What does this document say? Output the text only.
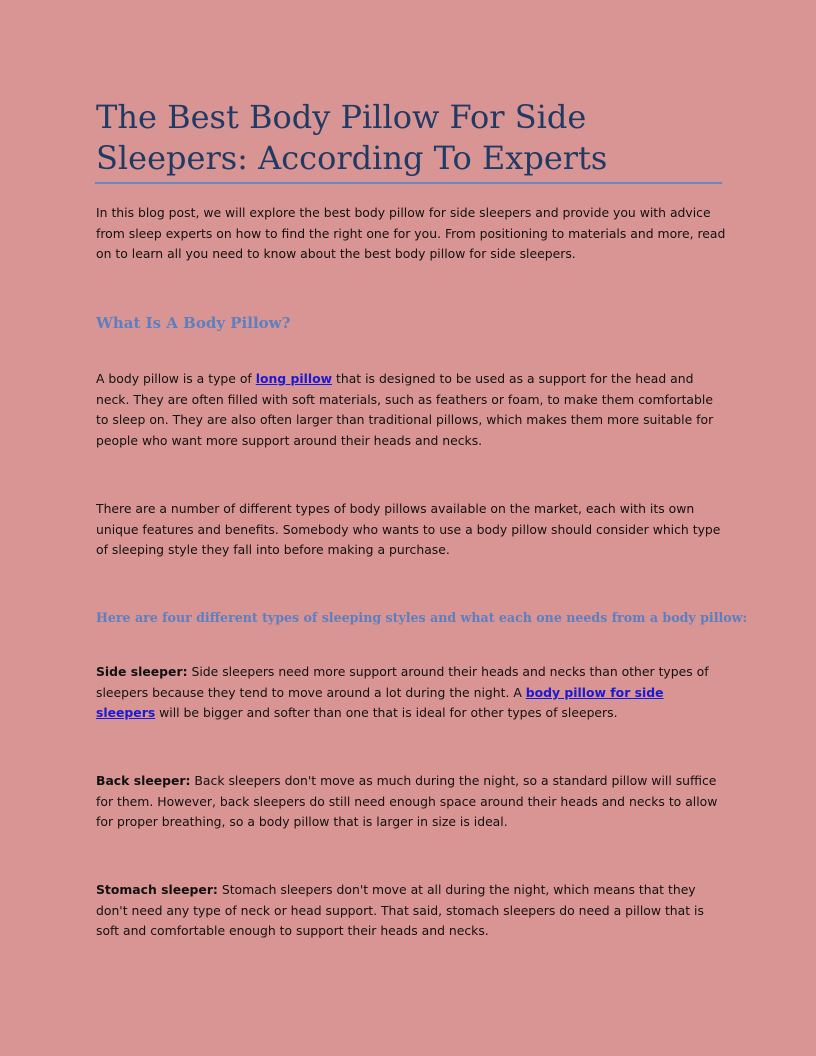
The Best Body Pillow For Side Sleepers: According To Experts

In this blog post, we will explore the best body pillow for side sleepers and provide you with advice from sleep experts on how to find the right one for you. From positioning to materials and more, read on to learn all you need to know about the best body pillow for side sleepers.

What Is A Body Pillow?

A body pillow is a type of long pillow that is designed to be used as a support for the head and neck. They are often filled with soft materials, such as feathers or foam, to make them comfortable to sleep on. They are also often larger than traditional pillows, which makes them more suitable for people who want more support around their heads and necks.

There are a number of different types of body pillows available on the market, each with its own unique features and benefits. Somebody who wants to use a body pillow should consider which type of sleeping style they fall into before making a purchase.

Here are four different types of sleeping styles and what each one needs from a body pillow:

Side sleeper: Side sleepers need more support around their heads and necks than other types of sleepers because they tend to move around a lot during the night. A body pillow for side sleepers will be bigger and softer than one that is ideal for other types of sleepers.

Back sleeper: Back sleepers don't move as much during the night, so a standard pillow will suffice for them. However, back sleepers do still need enough space around their heads and necks to allow for proper breathing, so a body pillow that is larger in size is ideal.

Stomach sleeper: Stomach sleepers don't move at all during the night, which means that they don't need any type of neck or head support. That said, stomach sleepers do need a pillow that is soft and comfortable enough to support their heads and necks.
